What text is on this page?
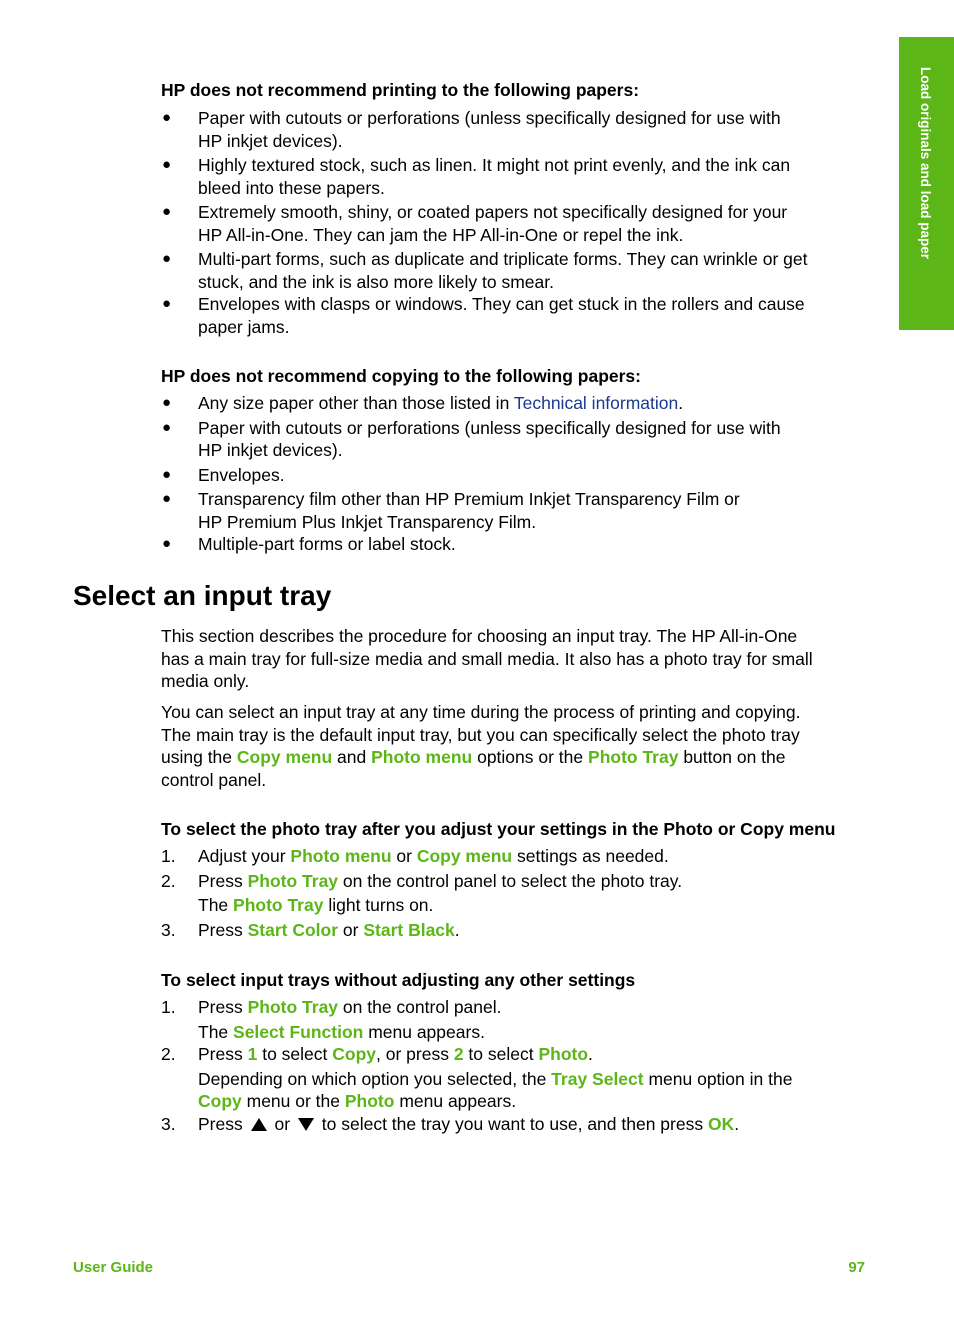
Load originals and load paper
HP does not recommend printing to the following papers:
● Paper with cutouts or perforations (unless specifically designed for use with
HP inkjet devices).
● Highly textured stock, such as linen. It might not print evenly, and the ink can
bleed into these papers.
● Extremely smooth, shiny, or coated papers not specifically designed for your
HP All-in-One. They can jam the HP All-in-One or repel the ink.
● Multi-part forms, such as duplicate and triplicate forms. They can wrinkle or get
stuck, and the ink is also more likely to smear.
● Envelopes with clasps or windows. They can get stuck in the rollers and cause
paper jams.
HP does not recommend copying to the following papers:
● Any size paper other than those listed in Technical information.
● Paper with cutouts or perforations (unless specifically designed for use with
HP inkjet devices).
● Envelopes.
● Transparency film other than HP Premium Inkjet Transparency Film or
HP Premium Plus Inkjet Transparency Film.
● Multiple-part forms or label stock.
Select an input tray
This section describes the procedure for choosing an input tray. The HP All-in-One
has a main tray for full-size media and small media. It also has a photo tray for small
media only.
You can select an input tray at any time during the process of printing and copying.
The main tray is the default input tray, but you can specifically select the photo tray
using the Copy menu and Photo menu options or the Photo Tray button on the
control panel.
To select the photo tray after you adjust your settings in the Photo or Copy menu
1. Adjust your Photo menu or Copy menu settings as needed.
2. Press Photo Tray on the control panel to select the photo tray.
The Photo Tray light turns on.
3. Press Start Color or Start Black.
To select input trays without adjusting any other settings
1. Press Photo Tray on the control panel.
The Select Function menu appears.
2. Press 1 to select Copy, or press 2 to select Photo.
Depending on which option you selected, the Tray Select menu option in the
Copy menu or the Photo menu appears.
3. Press  or  to select the tray you want to use, and then press OK.
User Guide	97
